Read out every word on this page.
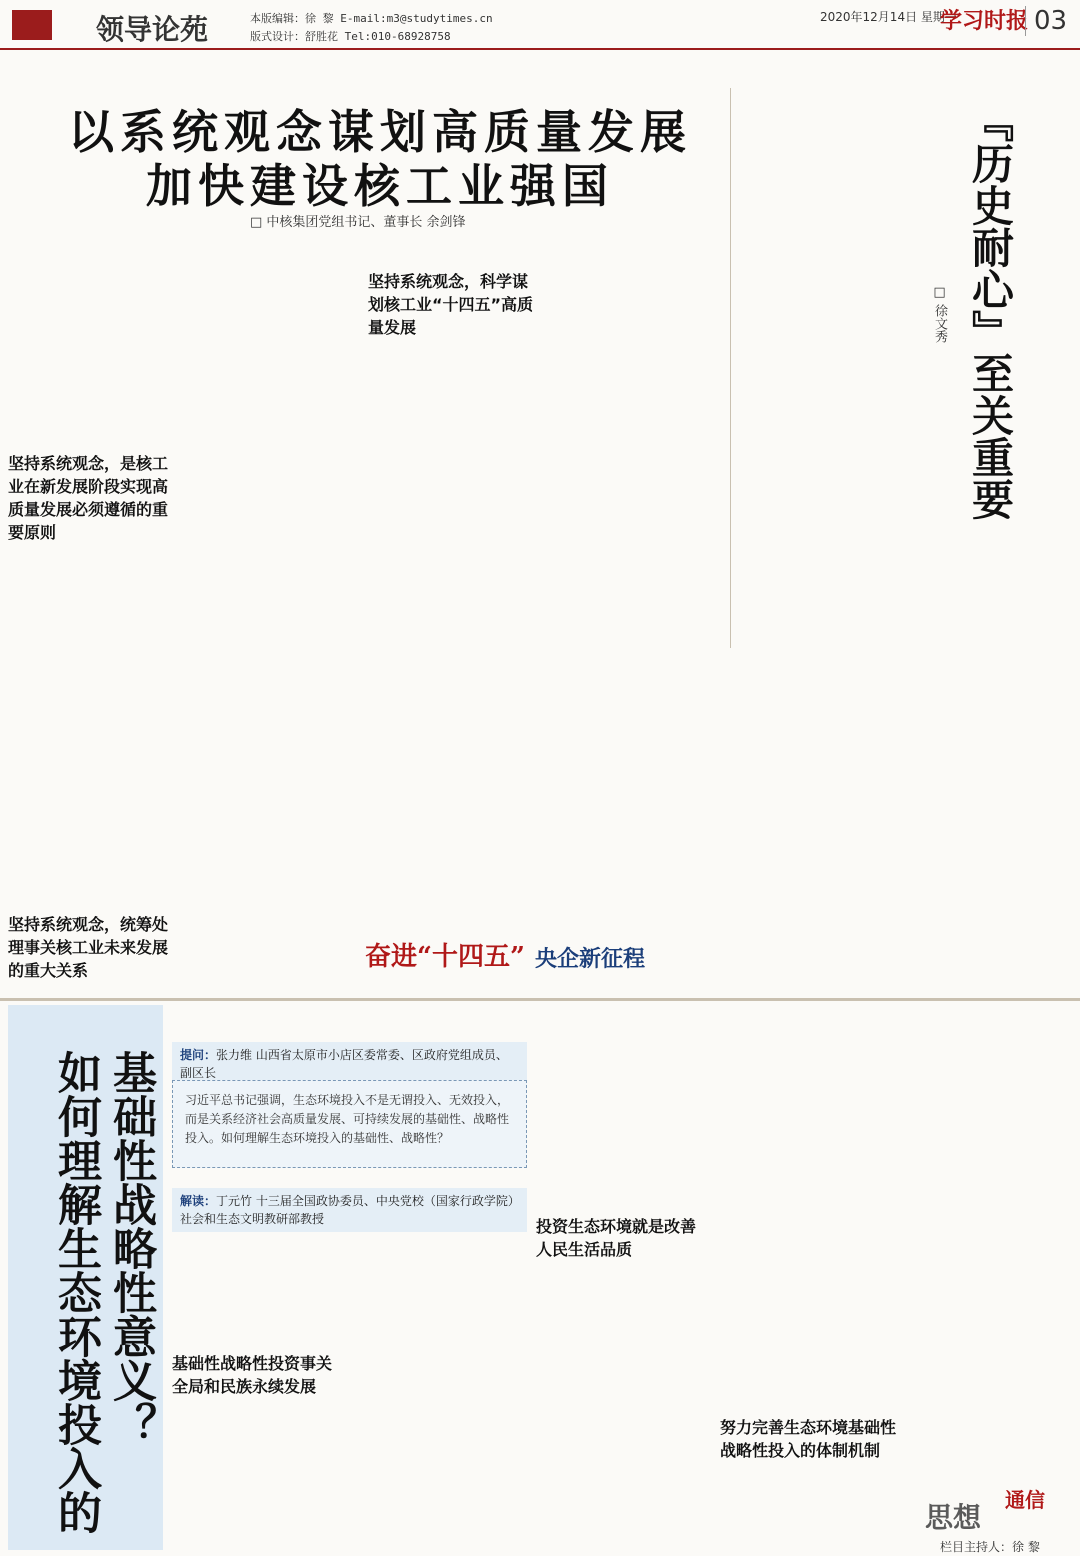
领导论苑	本版编辑：徐 黎 E-mail:m3@studytimes.cn
版式设计：舒胜花 Tel:010-68928758
2020年12月14日 星期一
学习时报 03
以系统观念谋划高质量发展
加快建设核工业强国
□ 中核集团党组书记、董事长 余剑锋
坚持系统观念，是核工业在新发展阶段实现高质量发展必须遵循的重要原则
坚持系统观念，统筹处理事关核工业未来发展的重大关系
坚持系统观念，科学谋划核工业“十四五”高质量发展	『历史耐心』至关重要
□ 徐文秀
奋进“十四五” 央企新征程
如何理解生态环境投入的 基础性战略性意义？	提问：张力维 山西省太原市小店区委常委、区政府党组成员、副区长
习近平总书记强调，生态环境投入不是无谓投入、无效投入，而是关系经济社会高质量发展、可持续发展的基础性、战略性投入。如何理解生态环境投入的基础性、战略性？
解读：丁元竹 十三届全国政协委员、中央党校（国家行政学院）社会和生态文明教研部教授
基础性战略性投资事关全局和民族永续发展
投资生态环境就是改善人民生活品质
努力完善生态环境基础性战略性投入的体制机制
思想
通信
栏目主持人：徐 黎
